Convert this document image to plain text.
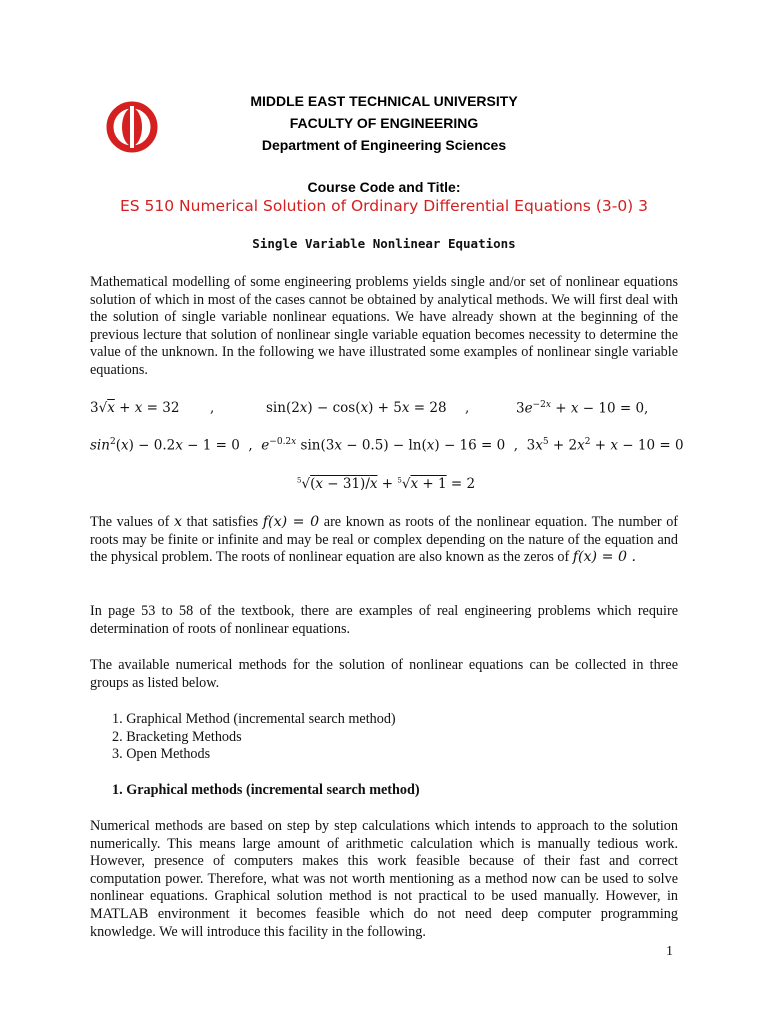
MIDDLE EAST TECHNICAL UNIVERSITY
FACULTY OF ENGINEERING
Department of Engineering Sciences
Course Code and Title:
ES 510 Numerical Solution of Ordinary Differential Equations (3-0) 3
Single Variable Nonlinear Equations
Mathematical modelling of some engineering problems yields single and/or set of nonlinear equations solution of which in most of the cases cannot be obtained by analytical methods. We will first deal with the solution of single variable nonlinear equations. We have already shown at the beginning of the previous lecture that solution of nonlinear single variable equation becomes necessity to determine the value of the unknown. In the following we have illustrated some examples of nonlinear single variable equations.
3√x + x = 32 ,	sin(2x) − cos(x) + 5x = 28 ,	$3e^{-2x} + x - 10 = 0$,
$\sin^2(x) - 0.2x - 1 = 0$  ,  $e^{-0.2x}$ sin(3x − 0.5) − ln(x) − 16 = 0  ,  $3x^5 + 2x^2 + x - 10 = 0$
$^5$√(x − 31)/x + $^5$√x + 1 = 2
The values of x that satisfies f(x) = 0 are known as roots of the nonlinear equation. The number of roots may be finite or infinite and may be real or complex depending on the nature of the equation and the physical problem. The roots of nonlinear equation are also known as the zeros of f(x) = 0 .
In page 53 to 58 of the textbook, there are examples of real engineering problems which require determination of roots of nonlinear equations.
The available numerical methods for the solution of nonlinear equations can be collected in three groups as listed below.
1. Graphical Method (incremental search method)
2. Bracketing Methods
3. Open Methods
1. Graphical methods (incremental search method)
Numerical methods are based on step by step calculations which intends to approach to the solution numerically. This means large amount of arithmetic calculation which is manually tedious work. However, presence of computers makes this work feasible because of their fast and correct computation power. Therefore, what was not worth mentioning as a method now can be used to solve nonlinear equations. Graphical solution method is not practical to be used manually. However, in MATLAB environment it becomes feasible which do not need deep computer programming knowledge. We will introduce this facility in the following.
1
